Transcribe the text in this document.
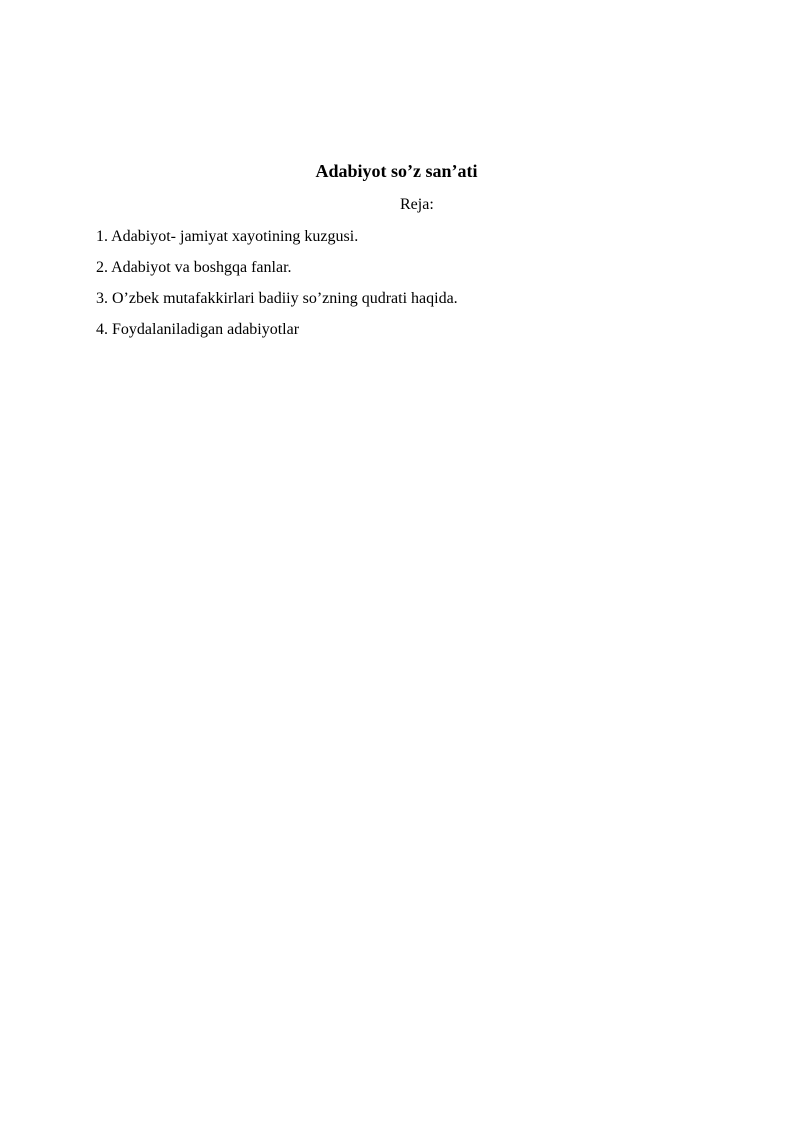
Adabiyot so’z san’ati
Reja:
1. Adabiyot- jamiyat xayotining kuzgusi.
2. Adabiyot va boshgqa fanlar.
3. O’zbek mutafakkirlari badiiy so’zning qudrati haqida.
4. Foydalaniladigan adabiyotlar
